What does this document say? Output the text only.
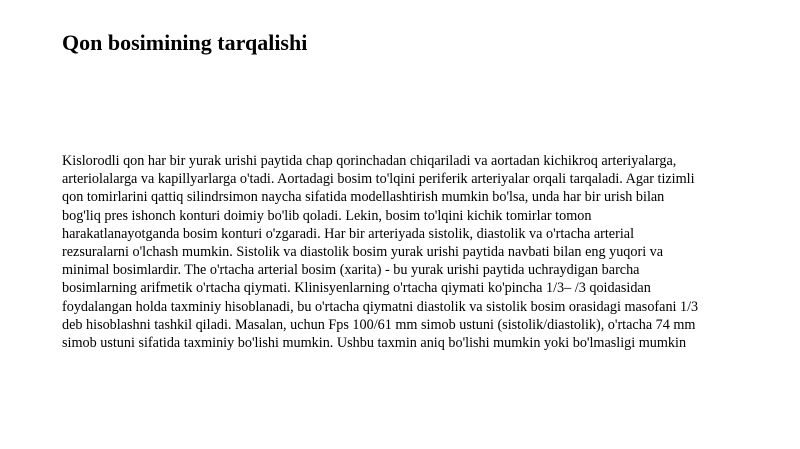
Qon bosimining tarqalishi

Kislorodli qon har bir yurak urishi paytida chap qorinchadan chiqariladi va aortadan kichikroq arteriyalarga,
arteriolalarga va kapillyarlarga o'tadi. Aortadagi bosim to'lqini periferik arteriyalar orqali tarqaladi. Agar tizimli
qon tomirlarini qattiq silindrsimon naycha sifatida modellashtirish mumkin bo'lsa, unda har bir urish bilan
bog'liq pres ishonch konturi doimiy bo'lib qoladi. Lekin, bosim to'lqini kichik tomirlar tomon
harakatlanayotganda bosim konturi o'zgaradi. Har bir arteriyada sistolik, diastolik va o'rtacha arterial
rezsuralarni o'lchash mumkin. Sistolik va diastolik bosim yurak urishi paytida navbati bilan eng yuqori va
minimal bosimlardir. The o'rtacha arterial bosim (xarita) - bu yurak urishi paytida uchraydigan barcha
bosimlarning arifmetik o'rtacha qiymati. Klinisyenlarning o'rtacha qiymati ko'pincha 1/3– /3 qoidasidan
foydalangan holda taxminiy hisoblanadi, bu o'rtacha qiymatni diastolik va sistolik bosim orasidagi masofani 1/3
deb hisoblashni tashkil qiladi. Masalan, uchun Fps 100/61 mm simob ustuni (sistolik/diastolik), o'rtacha 74 mm
simob ustuni sifatida taxminiy bo'lishi mumkin. Ushbu taxmin aniq bo'lishi mumkin yoki bo'lmasligi mumkin
